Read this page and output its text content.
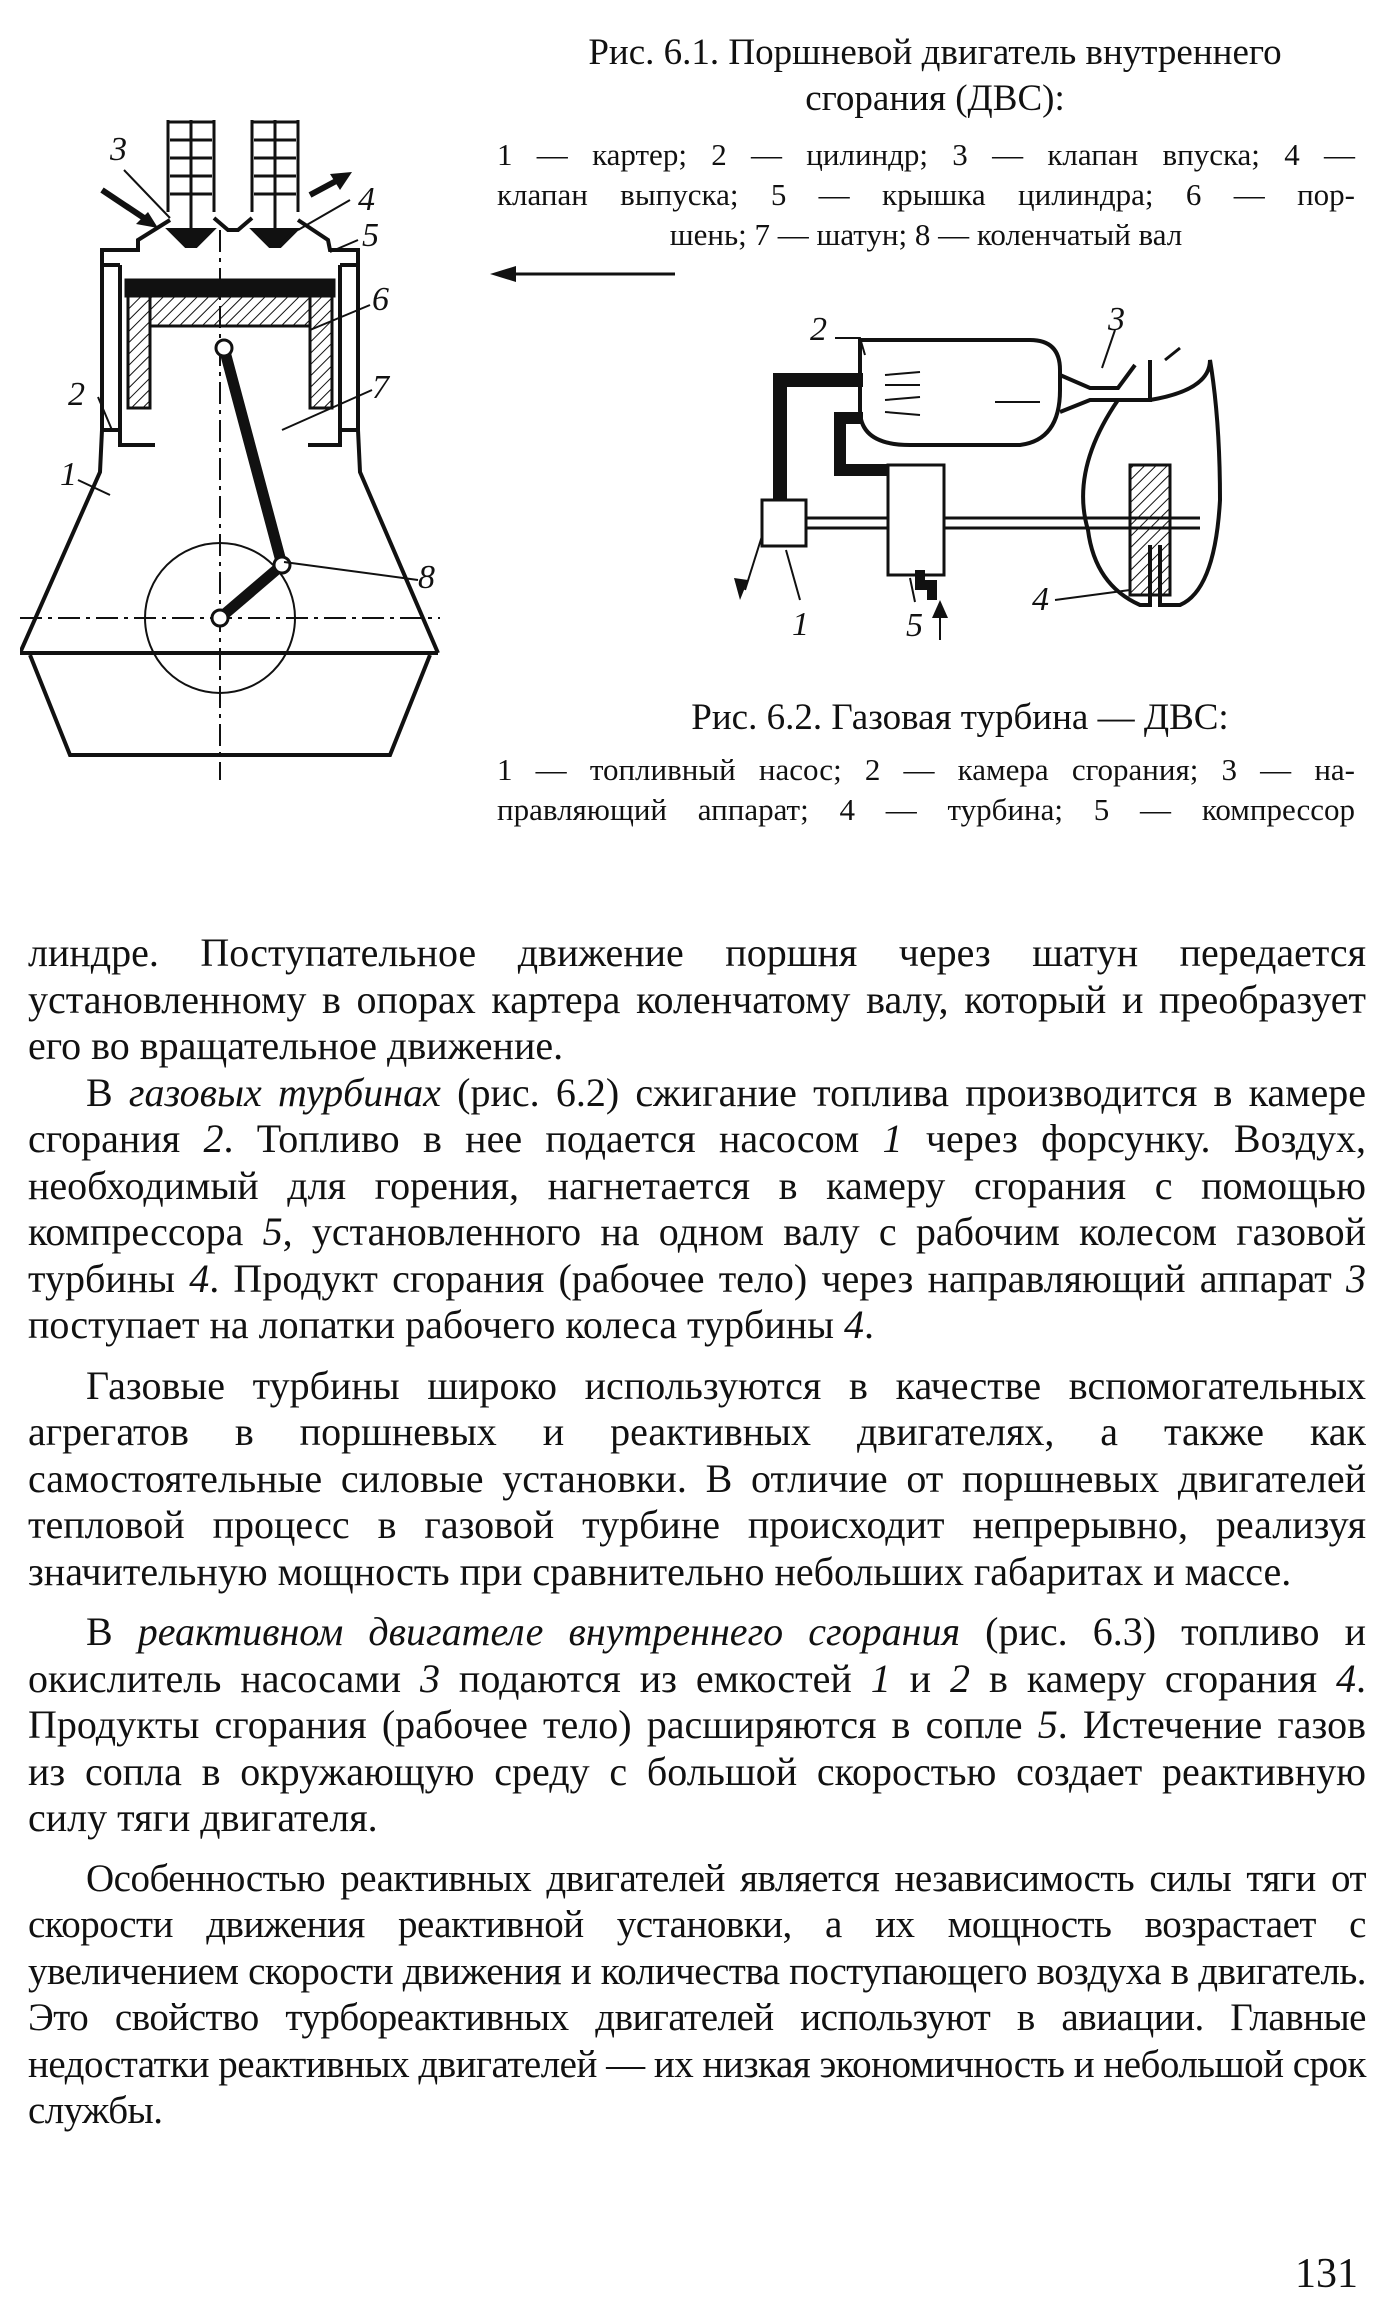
3
4
5
6
7
8
2
1
Рис. 6.1. Поршневой двигатель внутреннего
сгорания (ДВС):
1 — картер; 2 — цилиндр; 3 — клапан впуска; 4 —
клапан выпуска; 5 — крышка цилиндра; 6 — пор-
шень; 7 — шатун; 8 — коленчатый вал
2	3
1	5
4
Рис. 6.2. Газовая турбина — ДВС:
1 — топливный насос; 2 — камера сгорания; 3 — на-
правляющий аппарат; 4 — турбина; 5 — компрессор

линдре. Поступательное движение поршня через шатун передается установленному в опорах картера коленчатому валу, который и преобразует его во вращательное движение.

В газовых турбинах (рис. 6.2) сжигание топлива производится в камере сгорания 2. Топливо в нее подается насосом 1 через форсунку. Воздух, необходимый для горения, нагнетается в камеру сгорания с помощью компрессора 5, установленного на одном валу с рабочим колесом газовой турбины 4. Продукт сгорания (рабочее тело) через направляющий аппарат 3 поступает на лопатки рабочего колеса турбины 4.

Газовые турбины широко используются в качестве вспомогательных агрегатов в поршневых и реактивных двигателях, а также как самостоятельные силовые установки. В отличие от поршневых двигателей тепловой процесс в газовой турбине происходит непрерывно, реализуя значительную мощность при сравнительно небольших габаритах и массе.

В реактивном двигателе внутреннего сгорания (рис. 6.3) топливо и окислитель насосами 3 подаются из емкостей 1 и 2 в камеру сгорания 4. Продукты сгорания (рабочее тело) расширяются в сопле 5. Истечение газов из сопла в окружающую среду с большой скоростью создает реактивную силу тяги двигателя.

Особенностью реактивных двигателей является независимость силы тяги от скорости движения реактивной установки, а их мощность возрастает с увеличением скорости движения и количества поступающего воздуха в двигатель. Это свойство турбореактивных двигателей используют в авиации. Главные недостатки реактивных двигателей — их низкая экономичность и небольшой срок службы.

131
